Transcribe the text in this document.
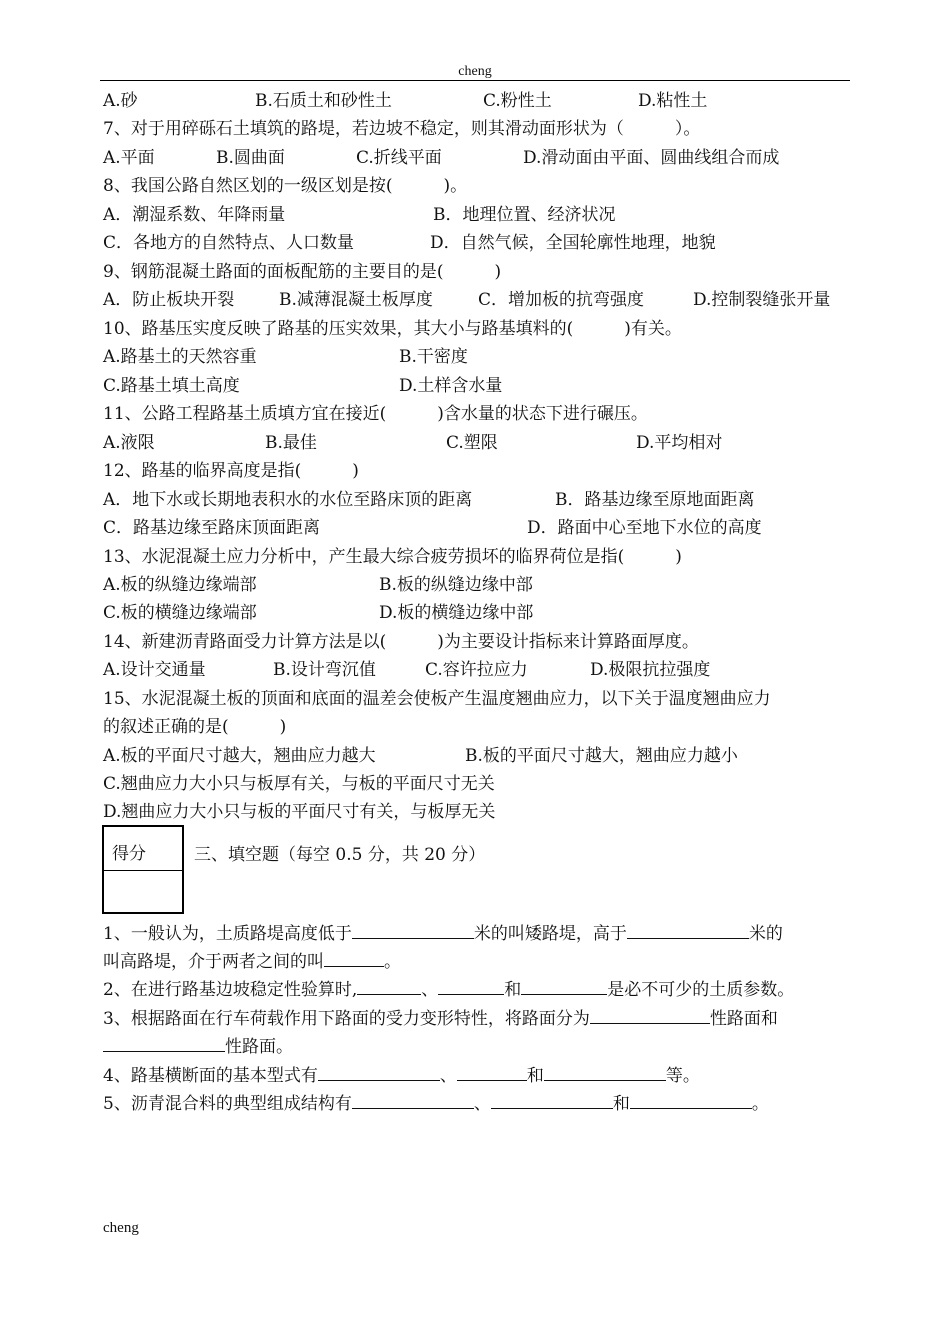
cheng
A.砂	B.石质土和砂性土	C.粉性土	D.粘性土
7、对于用碎砾石土填筑的路堤，若边坡不稳定，则其滑动面形状为（　　　）。
A.平面	B.圆曲面	C.折线平面	D.滑动面由平面、圆曲线组合而成
8、我国公路自然区划的一级区划是按(　　　)。
A．潮湿系数、年降雨量	B．地理位置、经济状况
C．各地方的自然特点、人口数量	D．自然气候，全国轮廓性地理，地貌
9、钢筋混凝土路面的面板配筋的主要目的是(　　　)
A．防止板块开裂	B.减薄混凝土板厚度	C．增加板的抗弯强度	D.控制裂缝张开量
10、路基压实度反映了路基的压实效果，其大小与路基填料的(　　　)有关。
A.路基土的天然容重	B.干密度
C.路基土填土高度	D.土样含水量
11、公路工程路基土质填方宜在接近(　　　)含水量的状态下进行碾压。
A.液限	B.最佳	C.塑限	D.平均相对
12、路基的临界高度是指(　　　)
A．地下水或长期地表积水的水位至路床顶的距离	B．路基边缘至原地面距离
C．路基边缘至路床顶面距离	D．路面中心至地下水位的高度
13、水泥混凝土应力分析中，产生最大综合疲劳损坏的临界荷位是指(　　　)
A.板的纵缝边缘端部	B.板的纵缝边缘中部
C.板的横缝边缘端部	D.板的横缝边缘中部
14、新建沥青路面受力计算方法是以(　　　)为主要设计指标来计算路面厚度。
A.设计交通量	B.设计弯沉值	C.容许拉应力	D.极限抗拉强度
15、水泥混凝土板的顶面和底面的温差会使板产生温度翘曲应力，以下关于温度翘曲应力
的叙述正确的是(　　　)
A.板的平面尺寸越大，翘曲应力越大	B.板的平面尺寸越大，翘曲应力越小
C.翘曲应力大小只与板厚有关，与板的平面尺寸无关
D.翘曲应力大小只与板的平面尺寸有关，与板厚无关
得分	三、填空题（每空 0.5 分，共 20 分）
1、一般认为，土质路堤高度低于	米的叫矮路堤，高于	米的
叫高路堤，介于两者之间的叫	。
2、在进行路基边坡稳定性验算时,	、	和	是必不可少的土质参数。
3、根据路面在行车荷载作用下路面的受力变形特性，将路面分为	性路面和
性路面。
4、路基横断面的基本型式有	、	和	等。
5、沥青混合料的典型组成结构有	、	和	。
cheng
